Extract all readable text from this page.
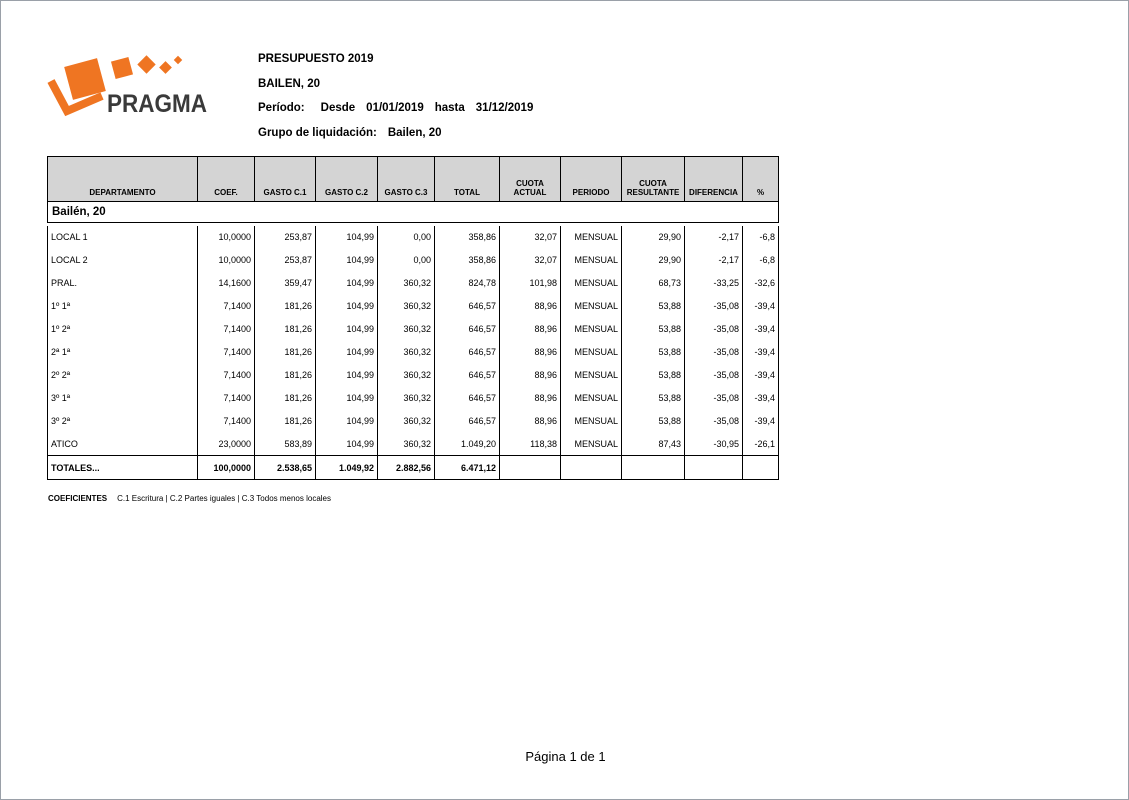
PRAGMA
PRESUPUESTO 2019
BAILEN, 20
Período: Desde 01/01/2019 hasta 31/12/2019
Grupo de liquidación: Bailen, 20
DEPARTAMENTO	COEF.	GASTO C.1	GASTO C.2	GASTO C.3	TOTAL	CUOTA ACTUAL	PERIODO	CUOTA RESULTANTE	DIFERENCIA	%
Bailén, 20										

LOCAL 1	10,0000	253,87	104,99	0,00	358,86	32,07	MENSUAL	29,90	-2,17	-6,8
LOCAL 2	10,0000	253,87	104,99	0,00	358,86	32,07	MENSUAL	29,90	-2,17	-6,8
PRAL.	14,1600	359,47	104,99	360,32	824,78	101,98	MENSUAL	68,73	-33,25	-32,6
1º 1ª	7,1400	181,26	104,99	360,32	646,57	88,96	MENSUAL	53,88	-35,08	-39,4
1º 2ª	7,1400	181,26	104,99	360,32	646,57	88,96	MENSUAL	53,88	-35,08	-39,4
2ª 1ª	7,1400	181,26	104,99	360,32	646,57	88,96	MENSUAL	53,88	-35,08	-39,4
2º 2ª	7,1400	181,26	104,99	360,32	646,57	88,96	MENSUAL	53,88	-35,08	-39,4
3º 1ª	7,1400	181,26	104,99	360,32	646,57	88,96	MENSUAL	53,88	-35,08	-39,4
3º 2ª	7,1400	181,26	104,99	360,32	646,57	88,96	MENSUAL	53,88	-35,08	-39,4
ATICO	23,0000	583,89	104,99	360,32	1.049,20	118,38	MENSUAL	87,43	-30,95	-26,1
TOTALES...	100,0000	2.538,65	1.049,92	2.882,56	6.471,12					
COEFICIENTES C.1 Escritura | C.2 Partes iguales | C.3 Todos menos locales
Página 1 de 1
